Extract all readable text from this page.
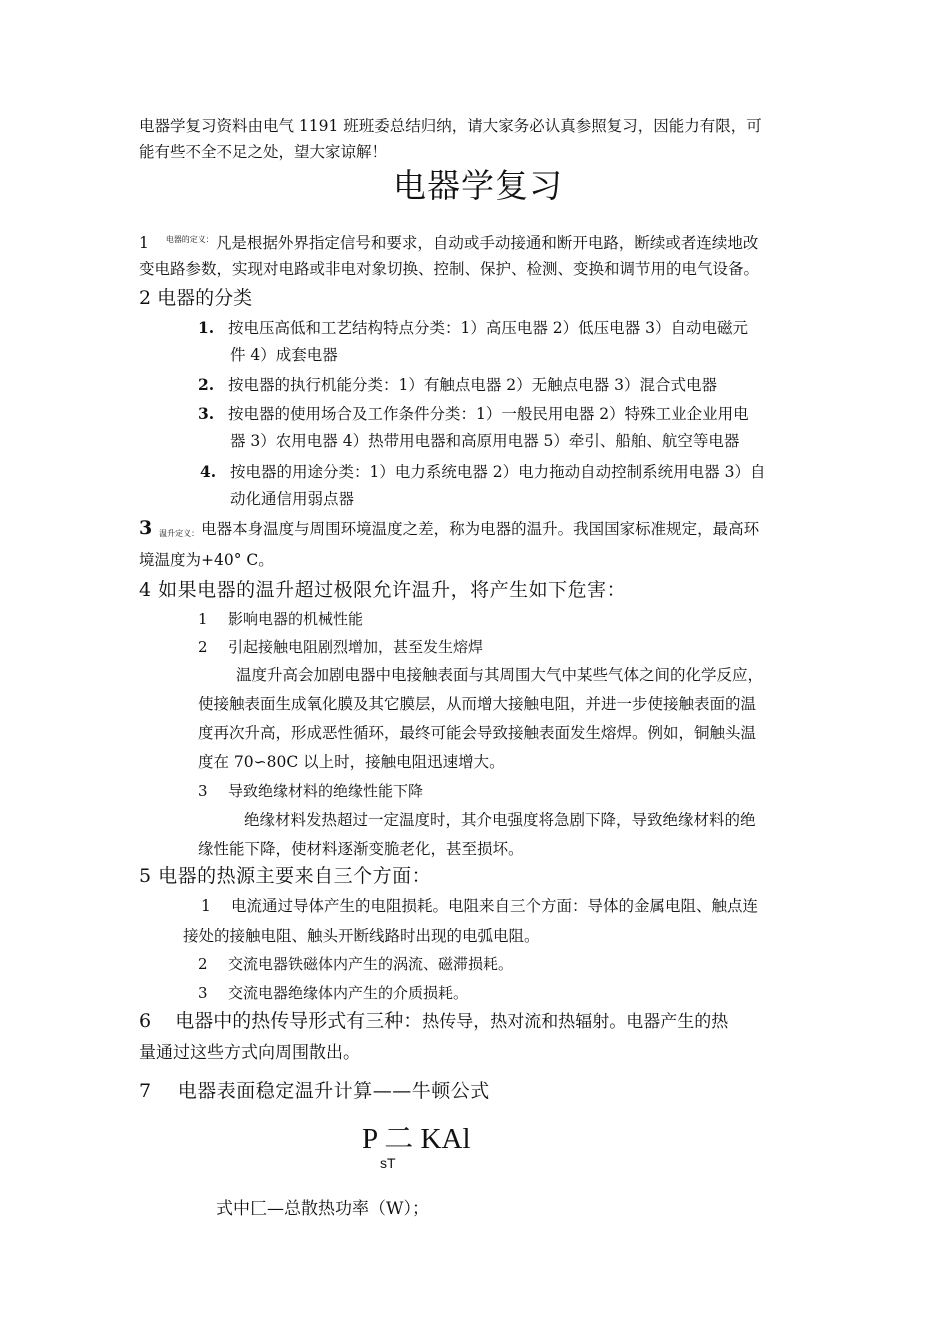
电器学复习资料由电气 1191 班班委总结归纳，请大家务必认真参照复习，因能力有限，可
能有些不全不足之处，望大家谅解！
电器学复习
1 $^{电器的定义:}$ 凡是根据外界指定信号和要求，自动或手动接通和断开电路，断续或者连续地改
变电路参数，实现对电路或非电对象切换、控制、保护、检测、变换和调节用的电气设备。
2 电器的分类
1. 按电压高低和工艺结构特点分类：1）高压电器 2）低压电器 3）自动电磁元
件 4）成套电器
2. 按电器的执行机能分类：1）有触点电器 2）无触点电器 3）混合式电器
3. 按电器的使用场合及工作条件分类：1）一般民用电器 2）特殊工业企业用电
器 3）农用电器 4）热带用电器和高原用电器 5）牵引、船舶、航空等电器
4. 按电器的用途分类：1）电力系统电器 2）电力拖动自动控制系统用电器 3）自
动化通信用弱点器
3 温升定义： 电器本身温度与周围环境温度之差，称为电器的温升。我国国家标准规定，最高环
境温度为+40° C。
4 如果电器的温升超过极限允许温升，将产生如下危害：
1 影响电器的机械性能
2 引起接触电阻剧烈增加，甚至发生熔焊
温度升高会加剧电器中电接触表面与其周围大气中某些气体之间的化学反应，
使接触表面生成氧化膜及其它膜层，从而增大接触电阻，并进一步使接触表面的温
度再次升高，形成恶性循环，最终可能会导致接触表面发生熔焊。例如，铜触头温
度在 70∽80C 以上时，接触电阻迅速增大。
3 导致绝缘材料的绝缘性能下降
绝缘材料发热超过一定温度时，其介电强度将急剧下降，导致绝缘材料的绝
缘性能下降，使材料逐渐变脆老化，甚至损坏。
5 电器的热源主要来自三个方面：
1 电流通过导体产生的电阻损耗。电阻来自三个方面：导体的金属电阻、触点连
接处的接触电阻、触头开断线路时出现的电弧电阻。
2 交流电器铁磁体内产生的涡流、磁滞损耗。
3 交流电器绝缘体内产生的介质损耗。
6    电器中的热传导形式有三种：热传导，热对流和热辐射。电器产生的热
量通过这些方式向周围散出。
7    电器表面稳定温升计算——牛顿公式
P 二 KAl
sT
式中匚—总散热功率（W）；
